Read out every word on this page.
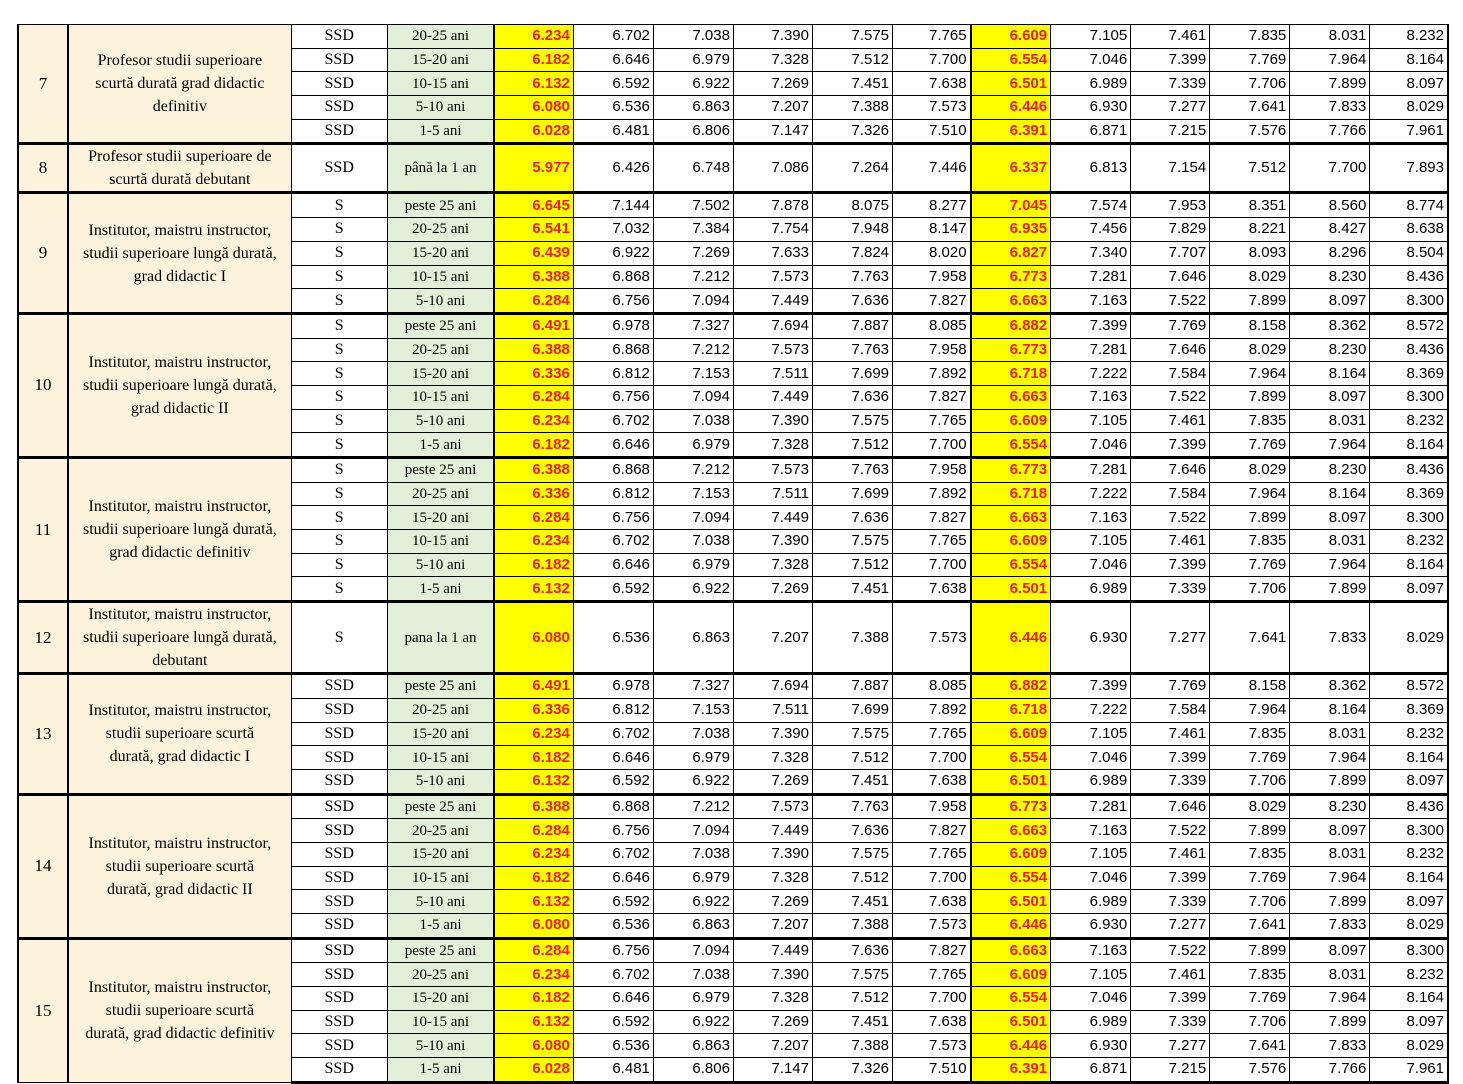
7	Profesor studii superioare
scurtă durată grad didactic
definitiv	SSD	20-25 ani	6.234	6.702	7.038	7.390	7.575	7.765	6.609	7.105	7.461	7.835	8.031	8.232
		SSD	15-20 ani	6.182	6.646	6.979	7.328	7.512	7.700	6.554	7.046	7.399	7.769	7.964	8.164
		SSD	10-15 ani	6.132	6.592	6.922	7.269	7.451	7.638	6.501	6.989	7.339	7.706	7.899	8.097
		SSD	5-10 ani	6.080	6.536	6.863	7.207	7.388	7.573	6.446	6.930	7.277	7.641	7.833	8.029
		SSD	1-5 ani	6.028	6.481	6.806	7.147	7.326	7.510	6.391	6.871	7.215	7.576	7.766	7.961
8	Profesor studii superioare de
scurtă durată debutant	SSD	până la 1 an	5.977	6.426	6.748	7.086	7.264	7.446	6.337	6.813	7.154	7.512	7.700	7.893
9	Institutor, maistru instructor,
studii superioare lungă durată,
grad didactic I	S	peste 25 ani	6.645	7.144	7.502	7.878	8.075	8.277	7.045	7.574	7.953	8.351	8.560	8.774
		S	20-25 ani	6.541	7.032	7.384	7.754	7.948	8.147	6.935	7.456	7.829	8.221	8.427	8.638
		S	15-20 ani	6.439	6.922	7.269	7.633	7.824	8.020	6.827	7.340	7.707	8.093	8.296	8.504
		S	10-15 ani	6.388	6.868	7.212	7.573	7.763	7.958	6.773	7.281	7.646	8.029	8.230	8.436
		S	5-10 ani	6.284	6.756	7.094	7.449	7.636	7.827	6.663	7.163	7.522	7.899	8.097	8.300
10	Institutor, maistru instructor,
studii superioare lungă durată,
grad didactic II	S	peste 25 ani	6.491	6.978	7.327	7.694	7.887	8.085	6.882	7.399	7.769	8.158	8.362	8.572
		S	20-25 ani	6.388	6.868	7.212	7.573	7.763	7.958	6.773	7.281	7.646	8.029	8.230	8.436
		S	15-20 ani	6.336	6.812	7.153	7.511	7.699	7.892	6.718	7.222	7.584	7.964	8.164	8.369
		S	10-15 ani	6.284	6.756	7.094	7.449	7.636	7.827	6.663	7.163	7.522	7.899	8.097	8.300
		S	5-10 ani	6.234	6.702	7.038	7.390	7.575	7.765	6.609	7.105	7.461	7.835	8.031	8.232
		S	1-5 ani	6.182	6.646	6.979	7.328	7.512	7.700	6.554	7.046	7.399	7.769	7.964	8.164
11	Institutor, maistru instructor,
studii superioare lungă durată,
grad didactic definitiv	S	peste 25 ani	6.388	6.868	7.212	7.573	7.763	7.958	6.773	7.281	7.646	8.029	8.230	8.436
		S	20-25 ani	6.336	6.812	7.153	7.511	7.699	7.892	6.718	7.222	7.584	7.964	8.164	8.369
		S	15-20 ani	6.284	6.756	7.094	7.449	7.636	7.827	6.663	7.163	7.522	7.899	8.097	8.300
		S	10-15 ani	6.234	6.702	7.038	7.390	7.575	7.765	6.609	7.105	7.461	7.835	8.031	8.232
		S	5-10 ani	6.182	6.646	6.979	7.328	7.512	7.700	6.554	7.046	7.399	7.769	7.964	8.164
		S	1-5 ani	6.132	6.592	6.922	7.269	7.451	7.638	6.501	6.989	7.339	7.706	7.899	8.097
12	Institutor, maistru instructor,
studii superioare lungă durată,
debutant	S	pana la 1 an	6.080	6.536	6.863	7.207	7.388	7.573	6.446	6.930	7.277	7.641	7.833	8.029
13	Institutor, maistru instructor,
studii superioare scurtă
durată, grad didactic I	SSD	peste 25 ani	6.491	6.978	7.327	7.694	7.887	8.085	6.882	7.399	7.769	8.158	8.362	8.572
		SSD	20-25 ani	6.336	6.812	7.153	7.511	7.699	7.892	6.718	7.222	7.584	7.964	8.164	8.369
		SSD	15-20 ani	6.234	6.702	7.038	7.390	7.575	7.765	6.609	7.105	7.461	7.835	8.031	8.232
		SSD	10-15 ani	6.182	6.646	6.979	7.328	7.512	7.700	6.554	7.046	7.399	7.769	7.964	8.164
		SSD	5-10 ani	6.132	6.592	6.922	7.269	7.451	7.638	6.501	6.989	7.339	7.706	7.899	8.097
14	Institutor, maistru instructor,
studii superioare scurtă
durată, grad didactic II	SSD	peste 25 ani	6.388	6.868	7.212	7.573	7.763	7.958	6.773	7.281	7.646	8.029	8.230	8.436
		SSD	20-25 ani	6.284	6.756	7.094	7.449	7.636	7.827	6.663	7.163	7.522	7.899	8.097	8.300
		SSD	15-20 ani	6.234	6.702	7.038	7.390	7.575	7.765	6.609	7.105	7.461	7.835	8.031	8.232
		SSD	10-15 ani	6.182	6.646	6.979	7.328	7.512	7.700	6.554	7.046	7.399	7.769	7.964	8.164
		SSD	5-10 ani	6.132	6.592	6.922	7.269	7.451	7.638	6.501	6.989	7.339	7.706	7.899	8.097
		SSD	1-5 ani	6.080	6.536	6.863	7.207	7.388	7.573	6.446	6.930	7.277	7.641	7.833	8.029
15	Institutor, maistru instructor,
studii superioare scurtă
durată, grad didactic definitiv	SSD	peste 25 ani	6.284	6.756	7.094	7.449	7.636	7.827	6.663	7.163	7.522	7.899	8.097	8.300
		SSD	20-25 ani	6.234	6.702	7.038	7.390	7.575	7.765	6.609	7.105	7.461	7.835	8.031	8.232
		SSD	15-20 ani	6.182	6.646	6.979	7.328	7.512	7.700	6.554	7.046	7.399	7.769	7.964	8.164
		SSD	10-15 ani	6.132	6.592	6.922	7.269	7.451	7.638	6.501	6.989	7.339	7.706	7.899	8.097
		SSD	5-10 ani	6.080	6.536	6.863	7.207	7.388	7.573	6.446	6.930	7.277	7.641	7.833	8.029
		SSD	1-5 ani	6.028	6.481	6.806	7.147	7.326	7.510	6.391	6.871	7.215	7.576	7.766	7.961
